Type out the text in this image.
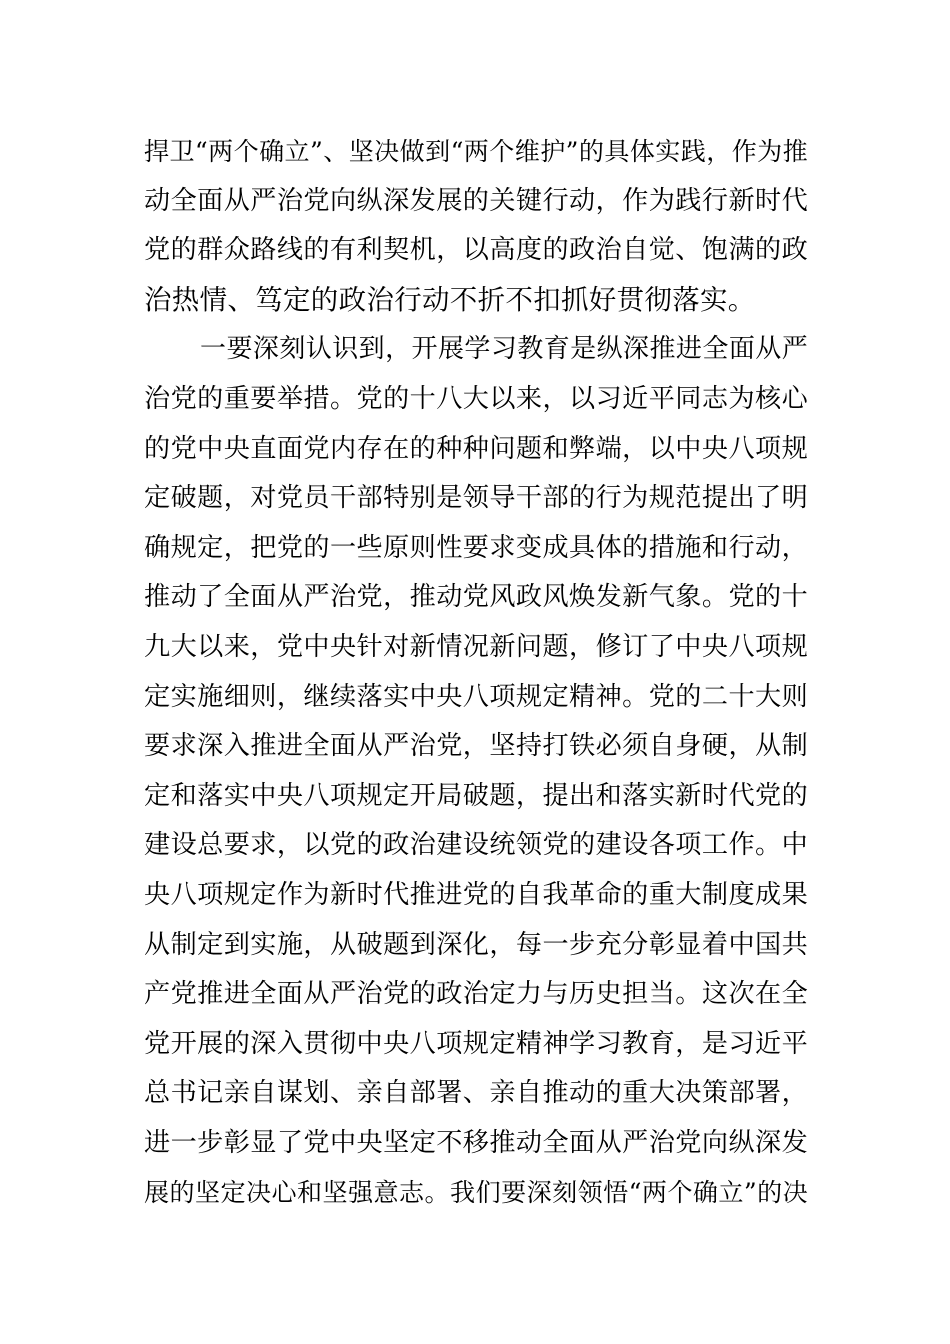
捍卫“两个确立”、坚决做到“两个维护”的具体实践，作为推
动全面从严治党向纵深发展的关键行动，作为践行新时代
党的群众路线的有利契机，以高度的政治自觉、饱满的政
治热情、笃定的政治行动不折不扣抓好贯彻落实。
一要深刻认识到，开展学习教育是纵深推进全面从严
治党的重要举措。党的十八大以来，以习近平同志为核心
的党中央直面党内存在的种种问题和弊端，以中央八项规
定破题，对党员干部特别是领导干部的行为规范提出了明
确规定，把党的一些原则性要求变成具体的措施和行动，
推动了全面从严治党，推动党风政风焕发新气象。党的十
九大以来，党中央针对新情况新问题，修订了中央八项规
定实施细则，继续落实中央八项规定精神。党的二十大则
要求深入推进全面从严治党，坚持打铁必须自身硬，从制
定和落实中央八项规定开局破题，提出和落实新时代党的
建设总要求，以党的政治建设统领党的建设各项工作。中
央八项规定作为新时代推进党的自我革命的重大制度成果
从制定到实施，从破题到深化，每一步充分彰显着中国共
产党推进全面从严治党的政治定力与历史担当。这次在全
党开展的深入贯彻中央八项规定精神学习教育，是习近平
总书记亲自谋划、亲自部署、亲自推动的重大决策部署，
进一步彰显了党中央坚定不移推动全面从严治党向纵深发
展的坚定决心和坚强意志。我们要深刻领悟“两个确立”的决
